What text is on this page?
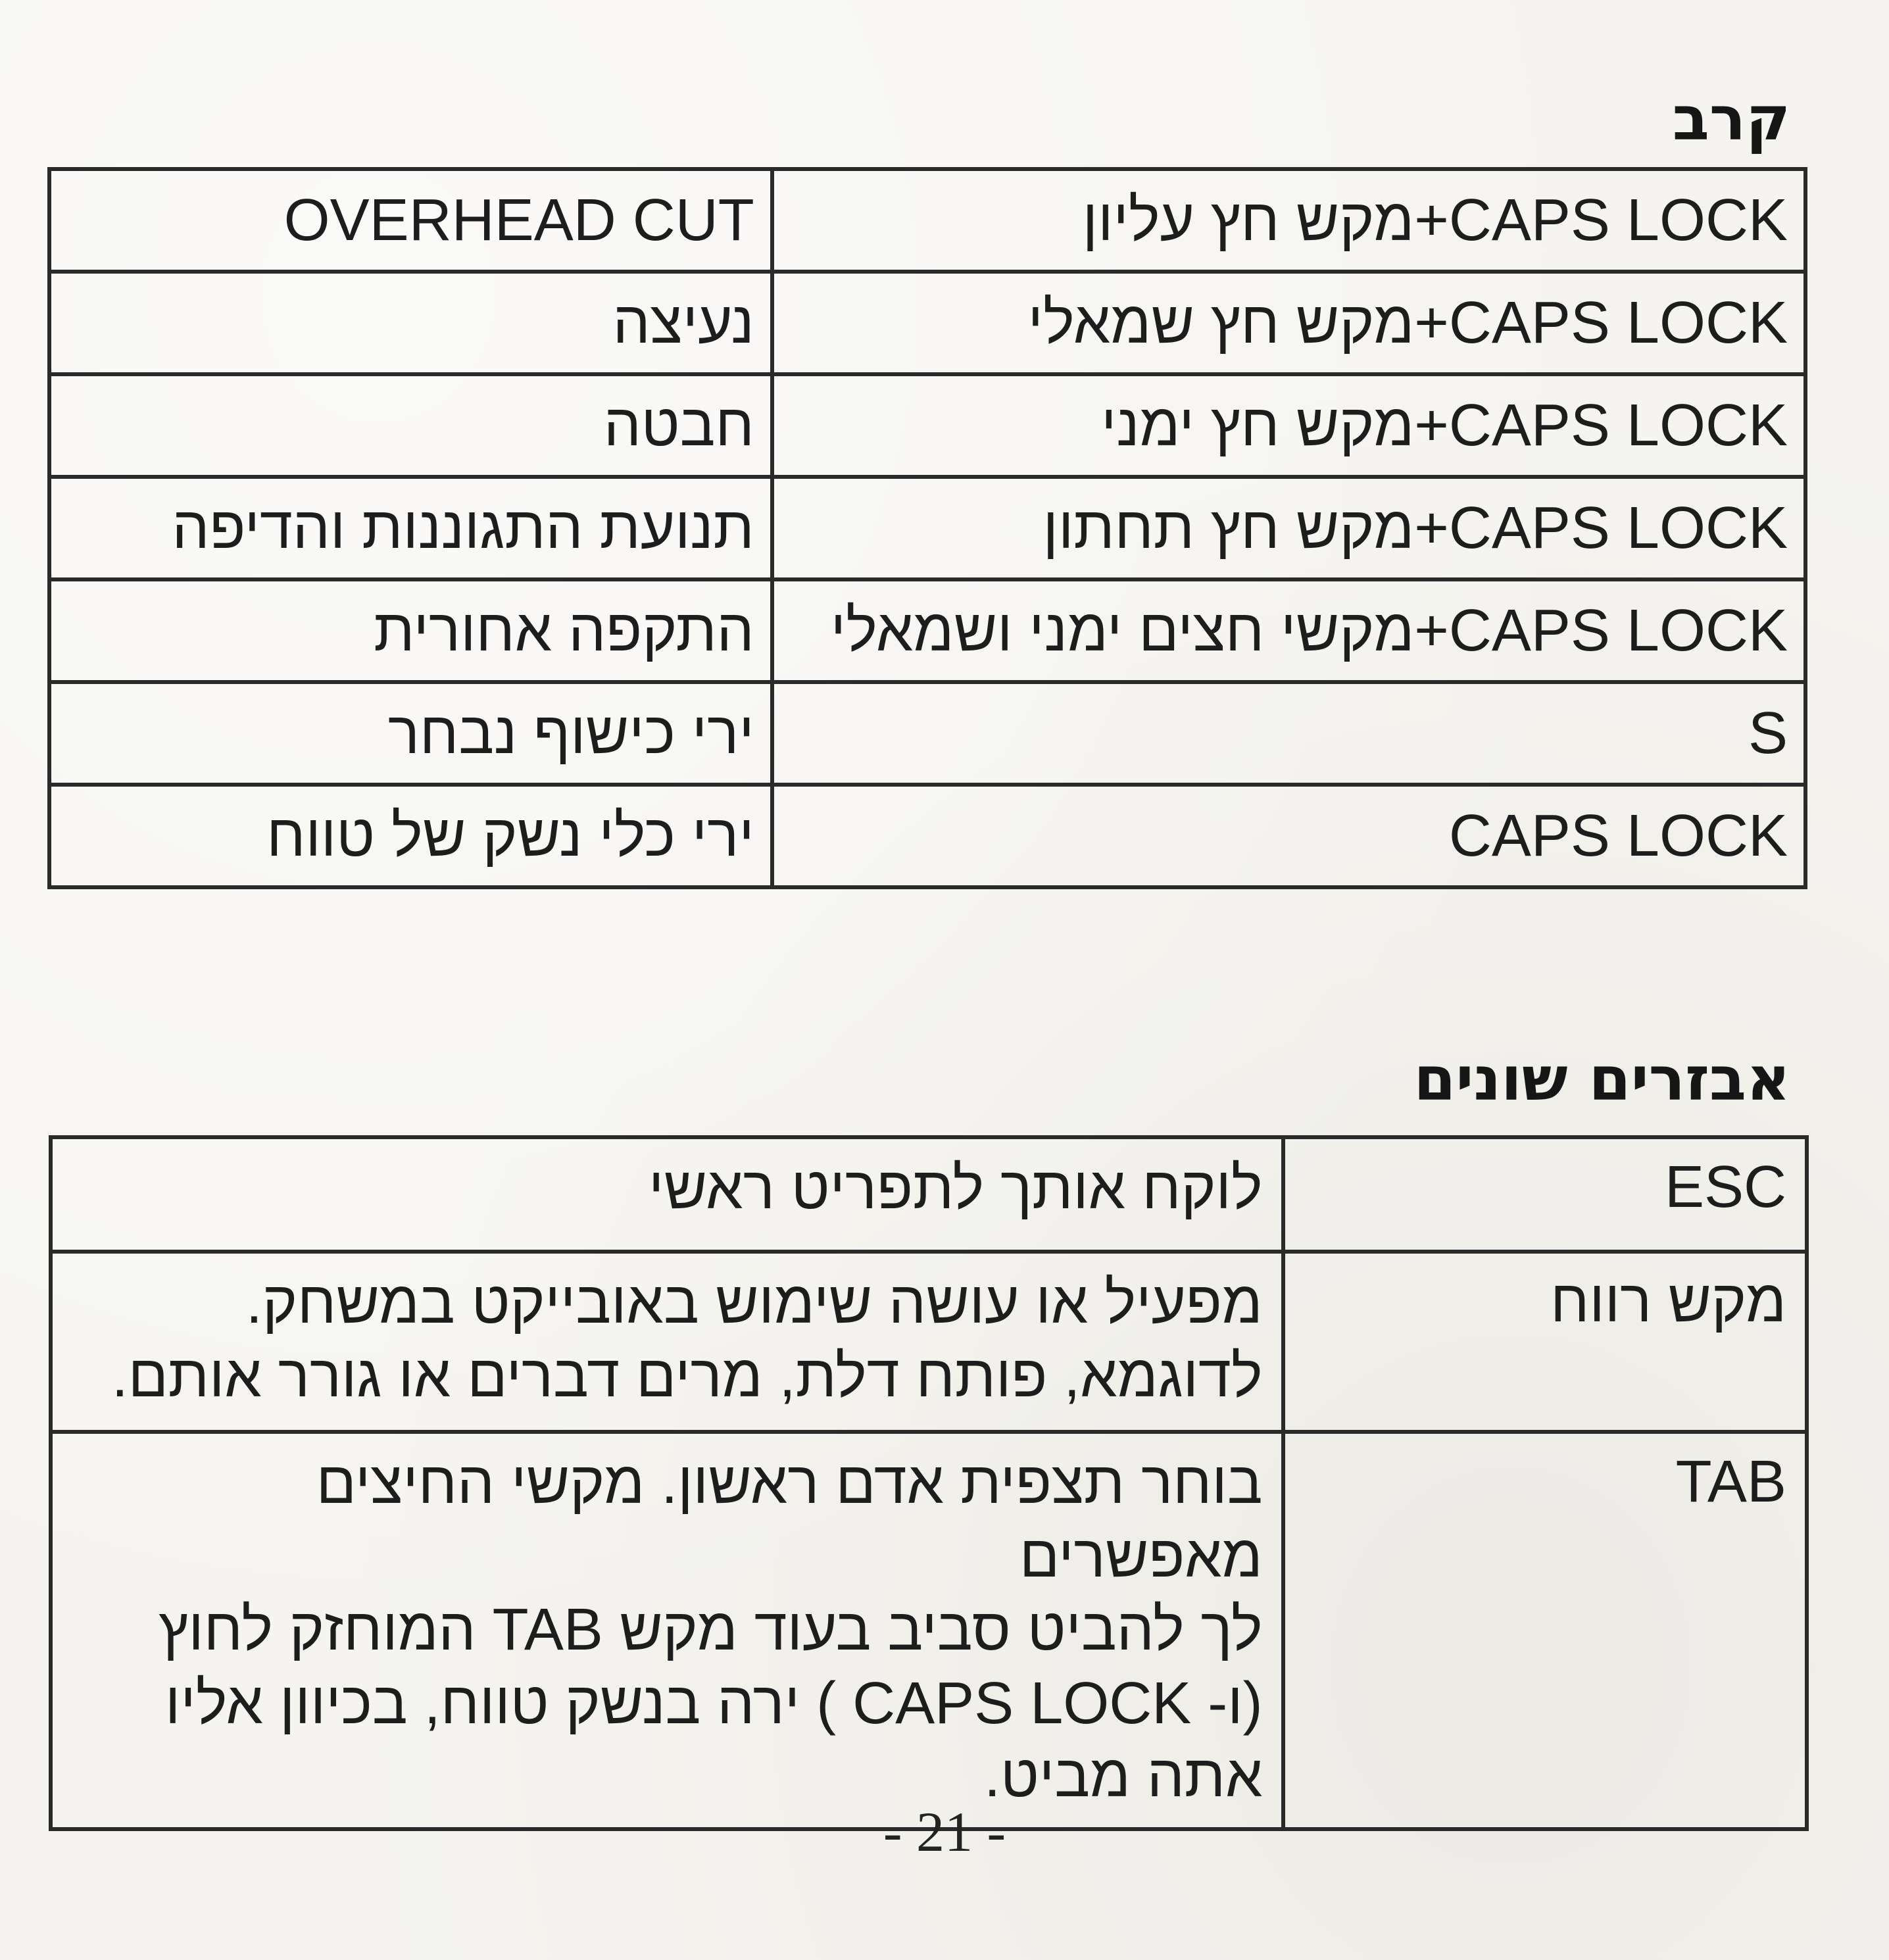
קרב
CAPS LOCK+מקש חץ עליון	OVERHEAD CUT
CAPS LOCK+מקש חץ שמאלי	נעיצה
CAPS LOCK+מקש חץ ימני	חבטה
CAPS LOCK+מקש חץ תחתון	תנועת התגוננות והדיפה
CAPS LOCK+מקשי חצים ימני ושמאלי	התקפה אחורית
S	ירי כישוף נבחר
CAPS LOCK	ירי כלי נשק של טווח
אבזרים שונים
ESC	לוקח אותך לתפריט ראשי

מקש רווח	מפעיל או עושה שימוש באובייקט במשחק.
לדוגמא, פותח דלת, מרים דברים או גורר אותם.

TAB	בוחר תצפית אדם ראשון. מקשי החיצים מאפשרים
לך להביט סביב בעוד מקש TAB המוחזק לחוץ
(ו- CAPS LOCK ) ירה בנשק טווח, בכיוון אליו
אתה מביט.
- 21 -
